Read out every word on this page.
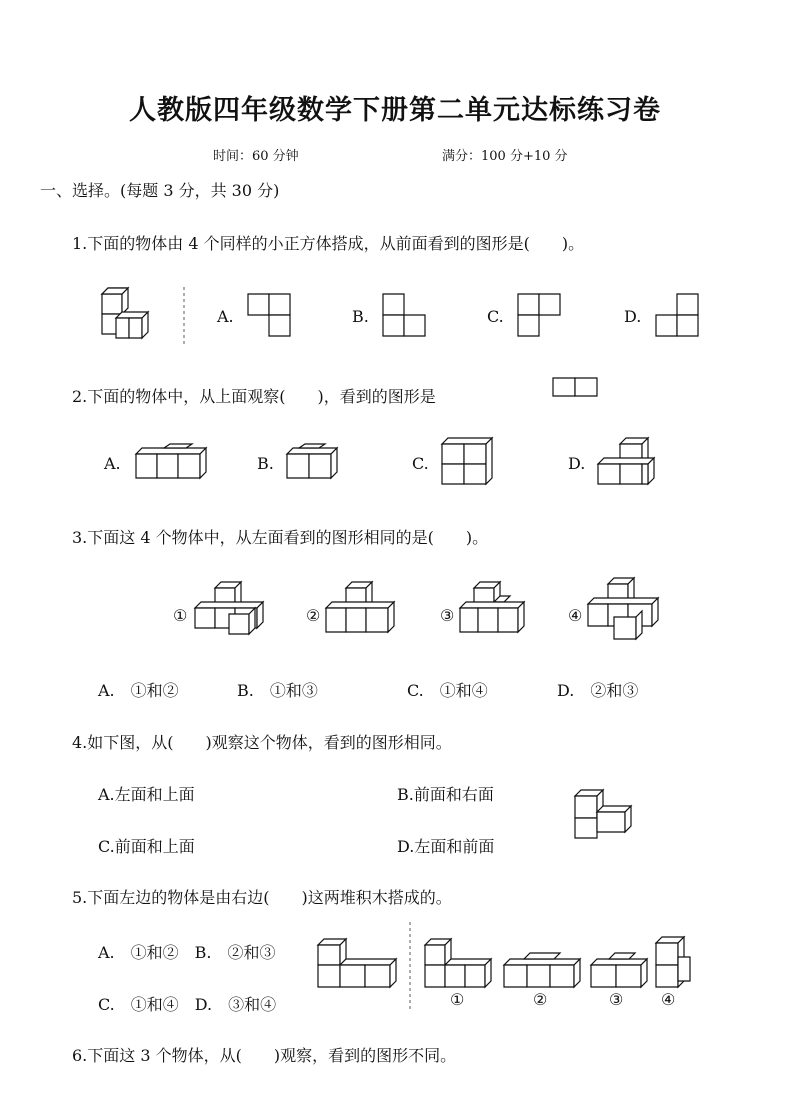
人教版四年级数学下册第二单元达标练习卷
时间：60 分钟	满分：100 分+10 分
一、选择。(每题 3 分，共 30 分)
1.下面的物体由 4 个同样的小正方体搭成，从前面看到的图形是(　　)。
A.	B.	C.	D.
2.下面的物体中，从上面观察(　　)，看到的图形是
A.	B.	C.	D.
3.下面这 4 个物体中，从左面看到的图形相同的是(　　)。
①	②	③	④
A.　①和②	B.　①和③	C.　①和④	D.　②和③
4.如下图，从(　　)观察这个物体，看到的图形相同。
A.左面和上面	B.前面和右面
C.前面和上面	D.左面和前面
5.下面左边的物体是由右边(　　)这两堆积木搭成的。
A.　①和②　B.　②和③
C.　①和④　D.　③和④	①	②	③ ④
6.下面这 3 个物体，从(　　)观察，看到的图形不同。
